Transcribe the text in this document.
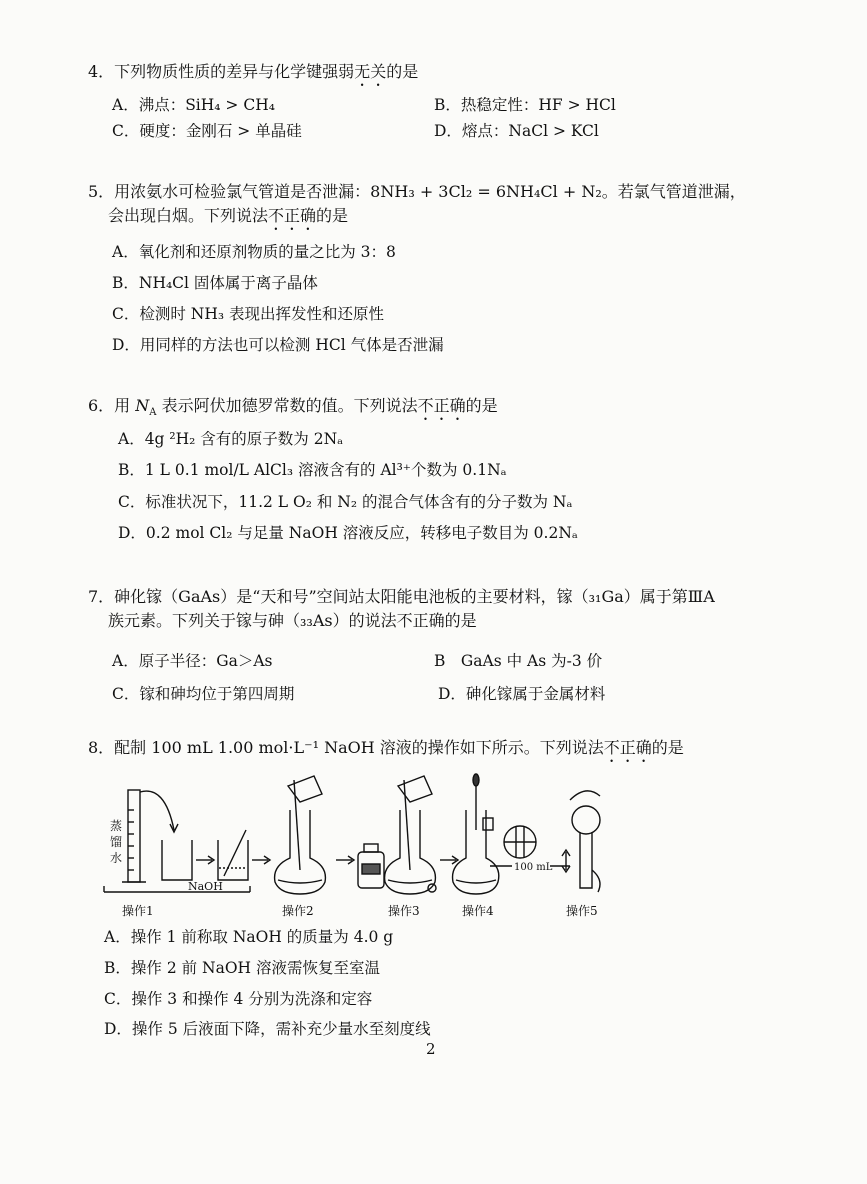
4．下列物质性质的差异与化学键强弱无关的是
A．沸点：SiH₄ > CH₄	B．热稳定性：HF > HCl
C．硬度：金刚石 > 单晶硅	D．熔点：NaCl > KCl
5．用浓氨水可检验氯气管道是否泄漏：8NH₃ + 3Cl₂ = 6NH₄Cl + N₂。若氯气管道泄漏，
会出现白烟。下列说法不正确的是
A．氧化剂和还原剂物质的量之比为 3：8
B．NH₄Cl 固体属于离子晶体
C．检测时 NH₃ 表现出挥发性和还原性
D．用同样的方法也可以检测 HCl 气体是否泄漏
6．用 $N_A$ 表示阿伏加德罗常数的值。下列说法不正确的是
A．4g ²H₂ 含有的原子数为 2Nₐ
B．1 L 0.1 mol/L AlCl₃ 溶液含有的 Al³⁺个数为 0.1Nₐ
C．标准状况下，11.2 L O₂ 和 N₂ 的混合气体含有的分子数为 Nₐ
D．0.2 mol Cl₂ 与足量 NaOH 溶液反应，转移电子数目为 0.2Nₐ
7．砷化镓（GaAs）是“天和号”空间站太阳能电池板的主要材料，镓（₃₁Ga）属于第ⅢA
族元素。下列关于镓与砷（₃₃As）的说法不正确的是
A．原子半径：Ga＞As	B　GaAs 中 As 为-3 价
C．镓和砷均位于第四周期	D．砷化镓属于金属材料
8．配制 100 mL 1.00 mol·L⁻¹ NaOH 溶液的操作如下所示。下列说法不正确的是
蒸
馏
水
NaOH
100 mL
操作1	操作2	操作3	操作4	操作5
A．操作 1 前称取 NaOH 的质量为 4.0 g
B．操作 2 前 NaOH 溶液需恢复至室温
C．操作 3 和操作 4 分别为洗涤和定容
D．操作 5 后液面下降，需补充少量水至刻度线
2
